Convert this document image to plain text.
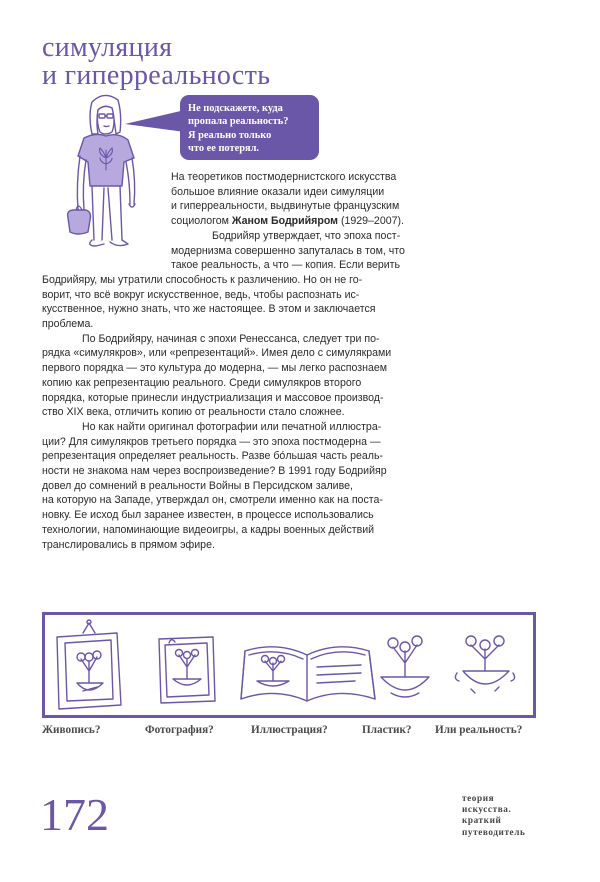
симуляция
и гиперреальность
Не подскажете, куда
пропала реальность?
Я реально только
что ее потерял.
На теоретиков постмодернистского искусства
большое влияние оказали идеи симуляции
и гиперреальности, выдвинутые французским
социологом Жаном Бодрийяром (1929–2007).
Бодрийяр утверждает, что эпоха пост-
модернизма совершенно запуталась в том, что
такое реальность, а что — копия. Если верить
Бодрийяру, мы утратили способность к различению. Но он не го-
ворит, что всё вокруг искусственное, ведь, чтобы распознать ис-
кусственное, нужно знать, что же настоящее. В этом и заключается
проблема.
По Бодрийяру, начиная с эпохи Ренессанса, следует три по-
рядка «симулякров», или «репрезентаций». Имея дело с симулякрами
первого порядка — это культура до модерна, — мы легко распознаем
копию как репрезентацию реального. Среди симулякров второго
порядка, которые принесли индустриализация и массовое производ-
ство XIX века, отличить копию от реальности стало сложнее.
Но как найти оригинал фотографии или печатной иллюстра-
ции? Для симулякров третьего порядка — это эпоха постмодерна —
репрезентация определяет реальность. Разве бо́льшая часть реаль-
ности не знакома нам через воспроизведение? В 1991 году Бодрийяр
довел до сомнений в реальности Войны в Персидском заливе,
на которую на Западе, утверждал он, смотрели именно как на поста-
новку. Ее исход был заранее известен, в процессе использовались
технологии, напоминающие видеоигры, а кадры военных действий
транслировались в прямом эфире.
Живопись?	Фотография?	Иллюстрация?	Пластик? Или реальность?
172	теория
искусства.
краткий
путеводитель
